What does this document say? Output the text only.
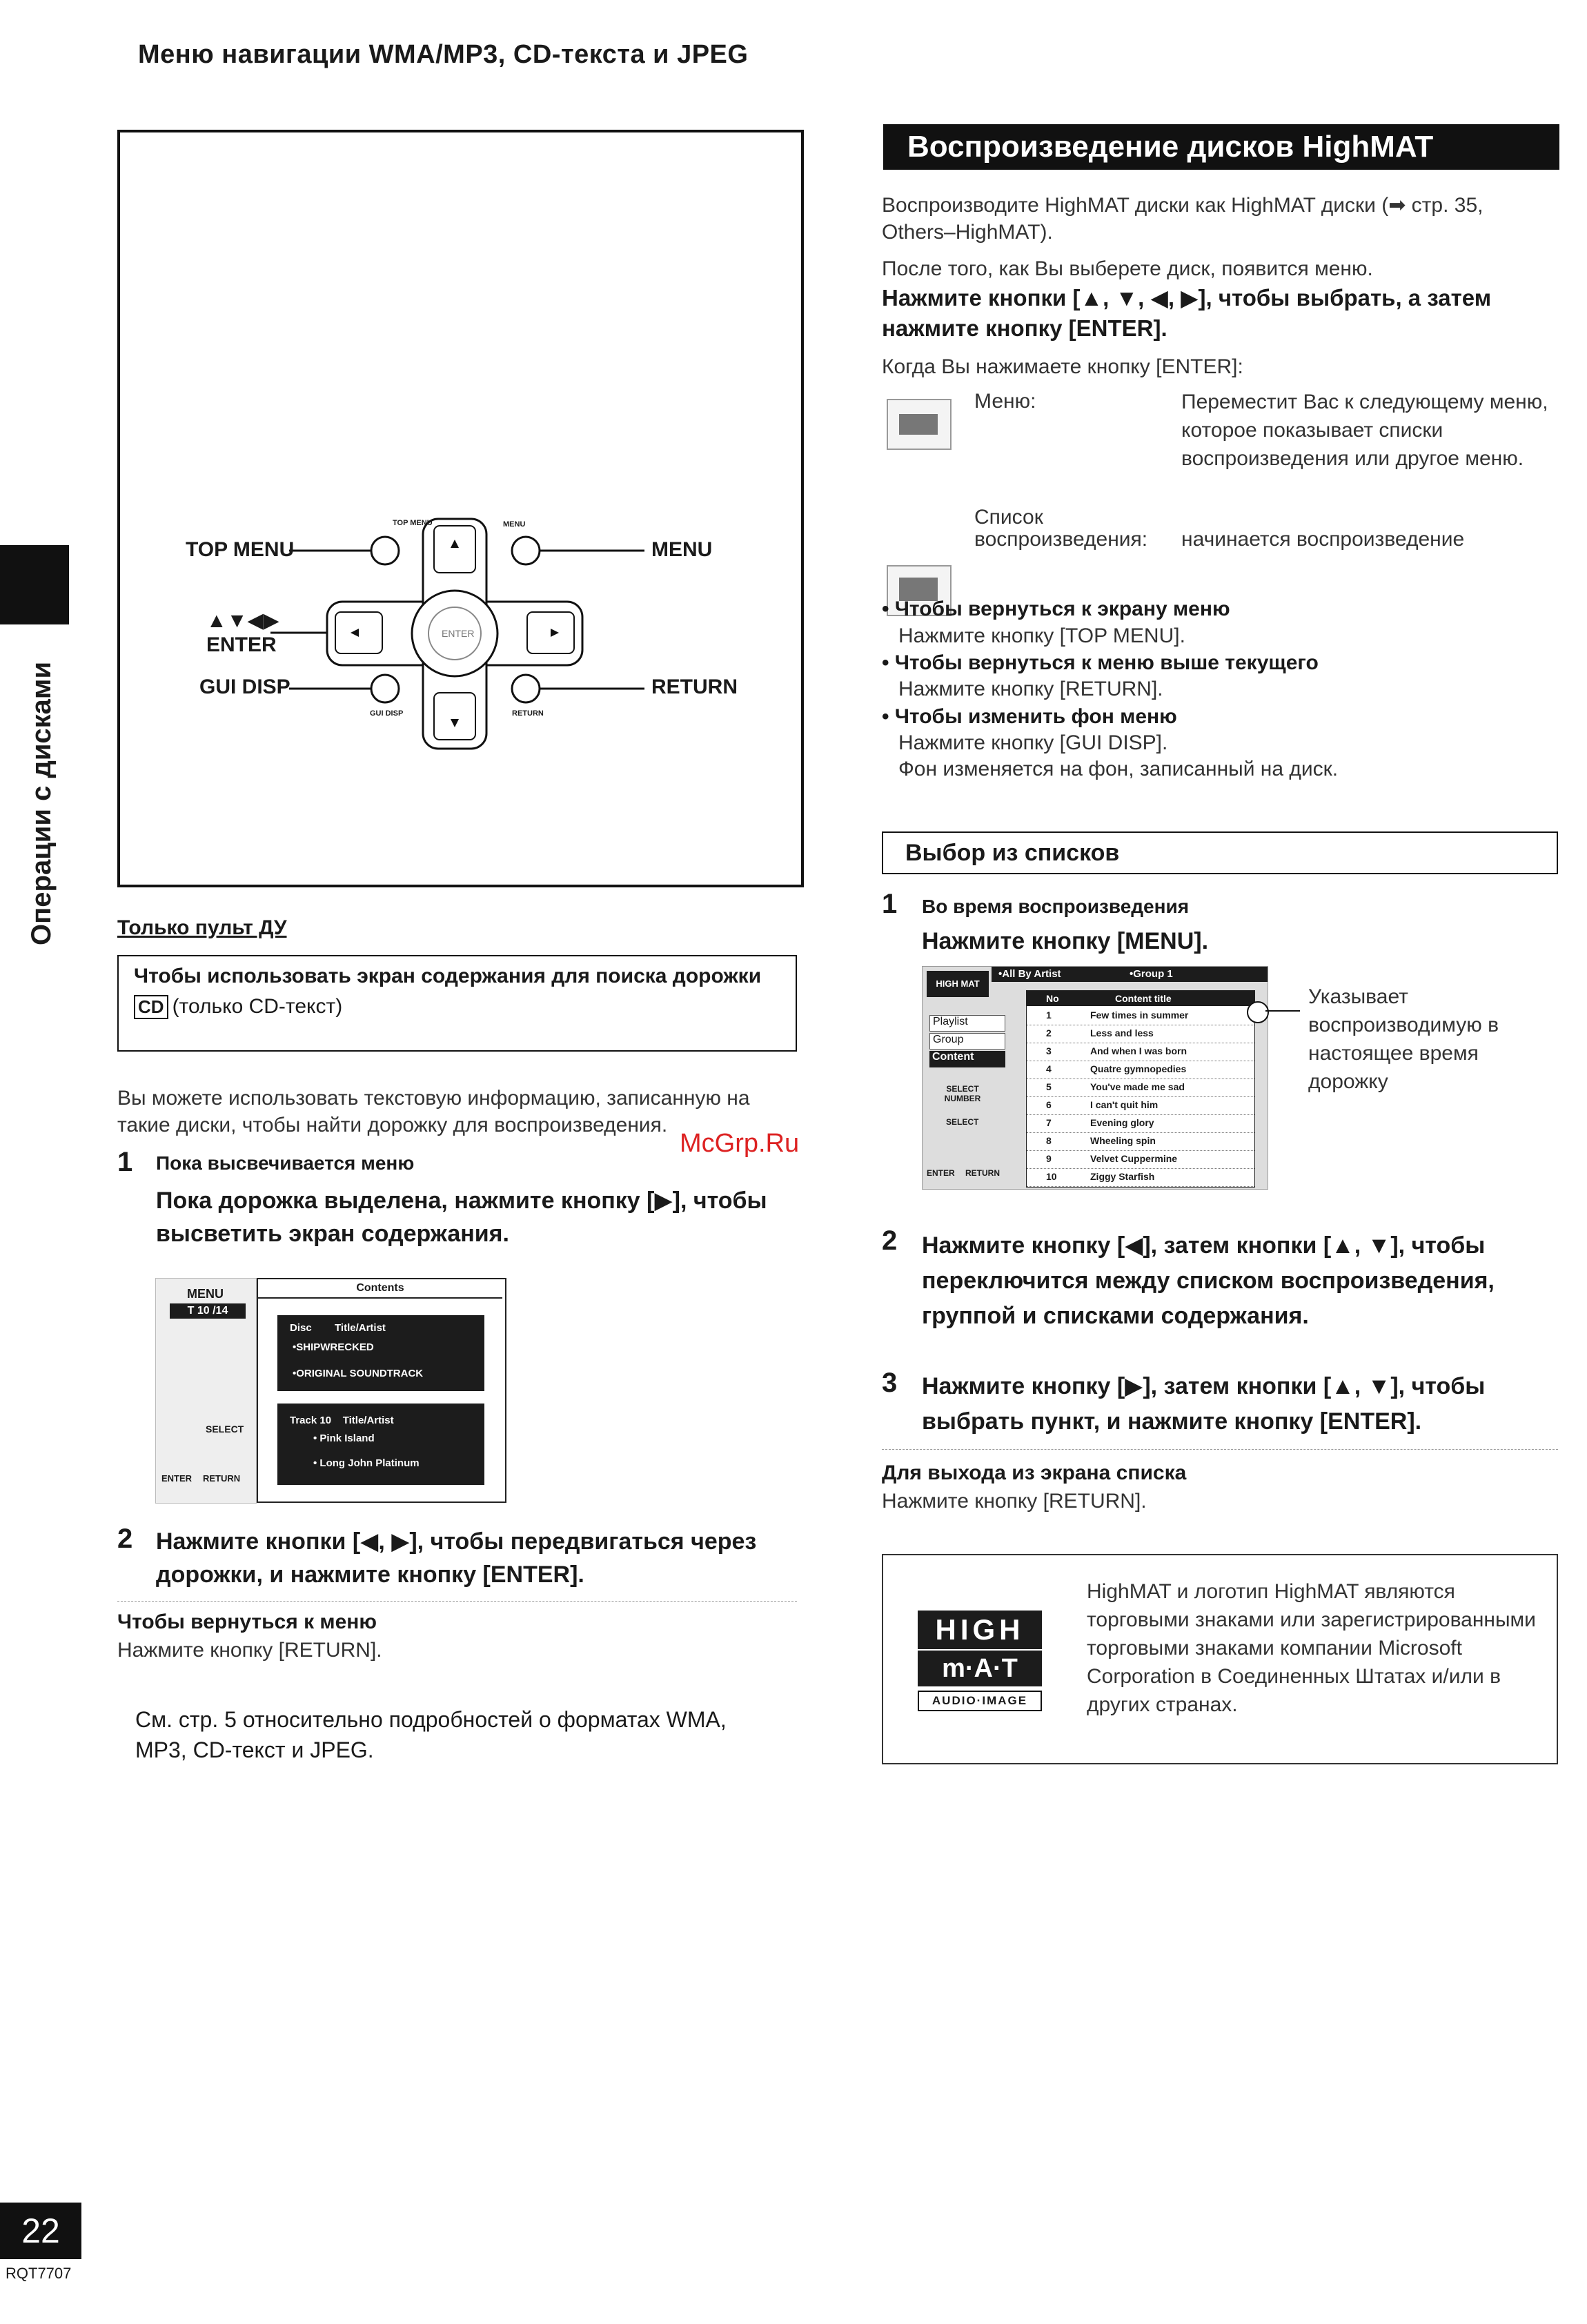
Меню навигации WMA/MP3, CD-текста и JPEG
Операции с дисками
TOP MENU	MENU
▲▼◀▶
ENTER
GUI DISP	RETURN
TOP MENU	MENU
ENTER
GUI DISP	RETURN
Только пульт ДУ
Чтобы использовать экран содержания для поиска дорожки
CD (только CD-текст)
Вы можете использовать текстовую информацию, записанную на такие диски, чтобы найти дорожку для воспроизведения.
McGrp.Ru
1 Пока высвечивается меню
Пока дорожка выделена, нажмите кнопку [▶], чтобы высветить экран содержания.
MENU
T 10 /14
SELECT
ENTER RETURN
Contents
Disc        Title/Artist
•SHIPWRECKED
•ORIGINAL SOUNDTRACK
Track 10    Title/Artist
• Pink Island
• Long John Platinum
2 Нажмите кнопки [◀, ▶], чтобы передвигаться через дорожки, и нажмите кнопку [ENTER].
Чтобы вернуться к меню
Нажмите кнопку [RETURN].
См. стр. 5 относительно подробностей о форматах WMA, MP3, CD-текст и JPEG.
Воспроизведение дисков HighMAT
Воспроизводите HighMAT диски как HighMAT диски (➡ стр. 35, Others–HighMAT).
После того, как Вы выберете диск, появится меню.
Нажмите кнопки [▲, ▼, ◀, ▶], чтобы выбрать, а затем нажмите кнопку [ENTER].
Когда Вы нажимаете кнопку [ENTER]:
Меню:	Переместит Вас к следующему меню, которое показывает списки воспроизведения или другое меню.
Список
воспроизведения: начинается воспроизведение
• Чтобы вернуться к экрану меню
Нажмите кнопку [TOP MENU].
• Чтобы вернуться к меню выше текущего
Нажмите кнопку [RETURN].
• Чтобы изменить фон меню
Нажмите кнопку [GUI DISP].
Фон изменяется на фон, записанный на диск.
Выбор из списков
1 Во время воспроизведения
Нажмите кнопку [MENU].
HIGH MAT
•All By Artist	•Group 1
Playlist
Group
Content
SELECT NUMBER
SELECT
ENTER RETURN
No	Content title
1	Few times in summer
2	Less and less
3	And when I was born
4	Quatre gymnopedies
5	You've made me sad
6	I can't quit him
7	Evening glory
8	Wheeling spin
9	Velvet Cuppermine
10	Ziggy Starfish
Указывает воспроизводимую в настоящее время дорожку
2 Нажмите кнопку [◀], затем кнопки [▲, ▼], чтобы переключится между списком воспроизведения, группой и списками содержания.
3 Нажмите кнопку [▶], затем кнопки [▲, ▼], чтобы выбрать пункт, и нажмите кнопку [ENTER].
Для выхода из экрана списка
Нажмите кнопку [RETURN].
HIGH
m·A·T
AUDIO·IMAGE
HighMAT и логотип HighMAT являются торговыми знаками или зарегистрированными торговыми знаками компании Microsoft Corporation в Соединенных Штатах и/или в других странах.
22
RQT7707
